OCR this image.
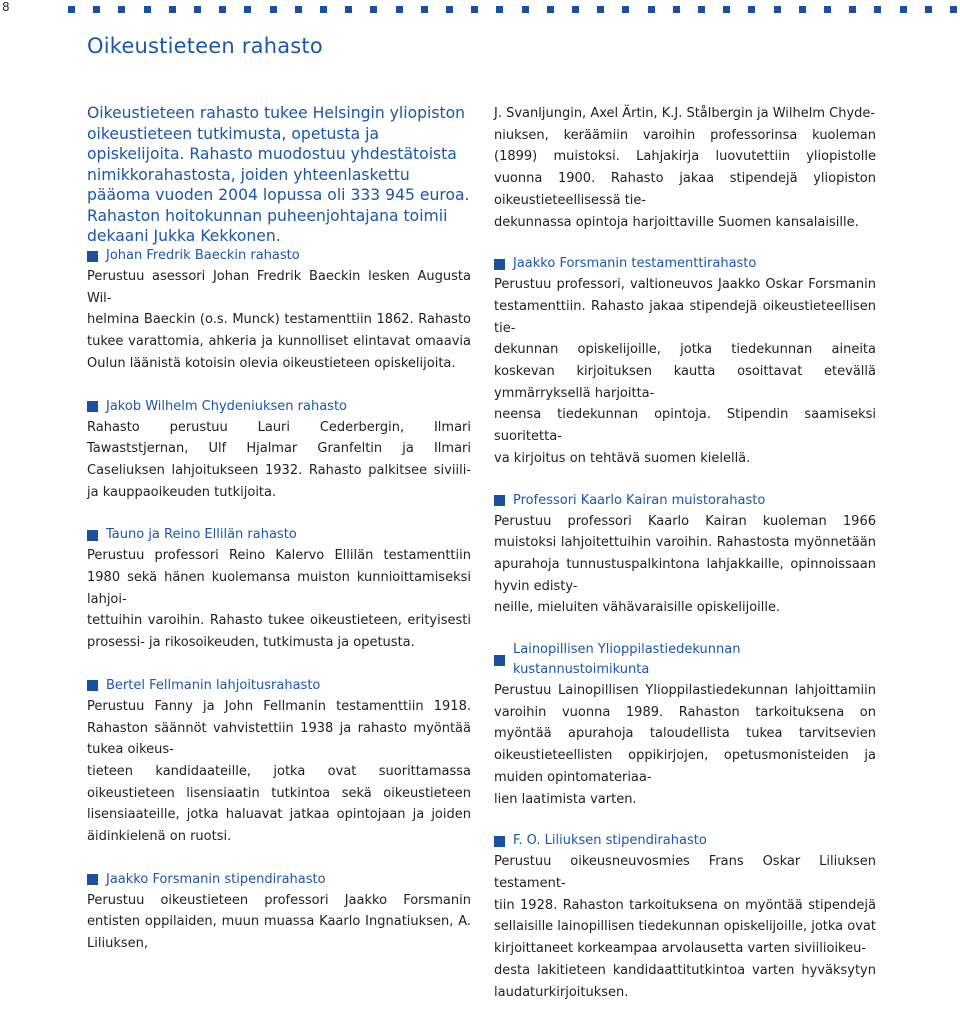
8
Oikeustieteen rahasto
Oikeustieteen rahasto tukee Helsingin yliopiston oikeustieteen tutkimusta, opetusta ja opiskelijoita. Rahasto muodostuu yhdestätoista nimikkorahastosta, joiden yhteenlaskettu pääoma vuoden 2004 lopussa oli 333 945 euroa. Rahaston hoitokunnan puheenjohtajana toimii dekaani Jukka Kekkonen.
Johan Fredrik Baeckin rahasto

Perustuu asessori Johan Fredrik Baeckin lesken Augusta Wil-
helmina Baeckin (o.s. Munck) testamenttiin 1862. Rahasto tukee varattomia, ahkeria ja kunnolliset elintavat omaavia Oulun läänistä kotoisin olevia oikeustieteen opiskelijoita.

Jakob Wilhelm Chydeniuksen rahasto

Rahasto perustuu Lauri Cederbergin, Ilmari Tawaststjernan, Ulf Hjalmar Granfeltin ja Ilmari Caseliuksen lahjoitukseen 1932. Rahasto palkitsee siviili- ja kauppaoikeuden tutkijoita.

Tauno ja Reino Ellilän rahasto

Perustuu professori Reino Kalervo Ellilän testamenttiin 1980 sekä hänen kuolemansa muiston kunnioittamiseksi lahjoi-
tettuihin varoihin. Rahasto tukee oikeustieteen, erityisesti prosessi- ja rikosoikeuden, tutkimusta ja opetusta.

Bertel Fellmanin lahjoitusrahasto

Perustuu Fanny ja John Fellmanin testamenttiin 1918. Rahaston säännöt vahvistettiin 1938 ja rahasto myöntää tukea oikeus-
tieteen kandidaateille, jotka ovat suorittamassa oikeustieteen lisensiaatin tutkintoa sekä oikeustieteen lisensiaateille, jotka haluavat jatkaa opintojaan ja joiden äidinkielenä on ruotsi.

Jaakko Forsmanin stipendirahasto

Perustuu oikeustieteen professori Jaakko Forsmanin entisten oppilaiden, muun muassa Kaarlo Ingnatiuksen, A. Liliuksen,

J. Svanljungin, Axel Ärtin, K.J. Stålbergin ja Wilhelm Chyde-
niuksen, keräämiin varoihin professorinsa kuoleman (1899) muistoksi. Lahjakirja luovutettiin yliopistolle vuonna 1900. Rahasto jakaa stipendejä yliopiston oikeustieteellisessä tie-
dekunnassa opintoja harjoittaville Suomen kansalaisille.

Jaakko Forsmanin testamenttirahasto

Perustuu professori, valtioneuvos Jaakko Oskar Forsmanin testamenttiin. Rahasto jakaa stipendejä oikeustieteellisen tie-
dekunnan opiskelijoille, jotka tiedekunnan aineita koskevan kirjoituksen kautta osoittavat etevällä ymmärryksellä harjoitta-
neensa tiedekunnan opintoja. Stipendin saamiseksi suoritetta-
va kirjoitus on tehtävä suomen kielellä.

Professori Kaarlo Kairan muistorahasto

Perustuu professori Kaarlo Kairan kuoleman 1966 muistoksi lahjoitettuihin varoihin. Rahastosta myönnetään apurahoja tunnustuspalkintona lahjakkaille, opinnoissaan hyvin edisty-
neille, mieluiten vähävaraisille opiskelijoille.

Lainopillisen Ylioppilastiedekunnan kustannustoimikunta

Perustuu Lainopillisen Ylioppilastiedekunnan lahjoittamiin varoihin vuonna 1989. Rahaston tarkoituksena on myöntää apurahoja taloudellista tukea tarvitsevien oikeustieteellisten oppikirjojen, opetusmonisteiden ja muiden opintomateriaa-
lien laatimista varten.

F. O. Liliuksen stipendirahasto

Perustuu oikeusneuvosmies Frans Oskar Liliuksen testament-
tiin 1928. Rahaston tarkoituksena on myöntää stipendejä sellaisille lainopillisen tiedekunnan opiskelijoille, jotka ovat kirjoittaneet korkeampaa arvolausetta varten siviilioikeu-
desta lakitieteen kandidaattitutkintoa varten hyväksytyn laudaturkirjoituksen.
